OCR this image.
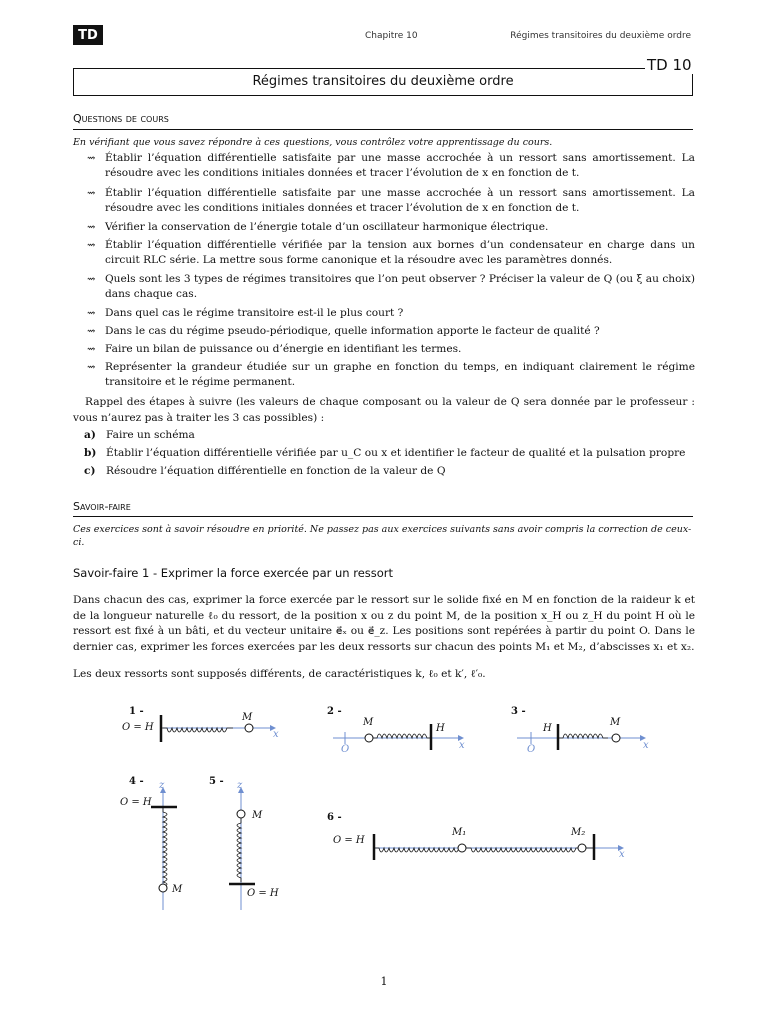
TD	Chapitre 10	Régimes transitoires du deuxième ordre
Régimes transitoires du deuxième ordre
TD 10
Questions de cours
En vérifiant que vous savez répondre à ces questions, vous contrôlez votre apprentissage du cours.
⇝ Établir l’équation différentielle satisfaite par une masse accrochée à un ressort sans amortissement. La résoudre avec les conditions initiales données et tracer l’évolution de x en fonction de t.
⇝ Établir l’équation différentielle satisfaite par une masse accrochée à un ressort sans amortissement. La résoudre avec les conditions initiales données et tracer l’évolution de x en fonction de t.
⇝ Vérifier la conservation de l’énergie totale d’un oscillateur harmonique électrique.
⇝ Établir l’équation différentielle vérifiée par la tension aux bornes d’un condensateur en charge dans un circuit RLC série. La mettre sous forme canonique et la résoudre avec les paramètres donnés.
⇝ Quels sont les 3 types de régimes transitoires que l’on peut observer ? Préciser la valeur de Q (ou ξ au choix) dans chaque cas.
⇝ Dans quel cas le régime transitoire est-il le plus court ?
⇝ Dans le cas du régime pseudo-périodique, quelle information apporte le facteur de qualité ?
⇝ Faire un bilan de puissance ou d’énergie en identifiant les termes.
⇝ Représenter la grandeur étudiée sur un graphe en fonction du temps, en indiquant clairement le régime transitoire et le régime permanent.
Rappel des étapes à suivre (les valeurs de chaque composant ou la valeur de Q sera donnée par le professeur : vous n’aurez pas à traiter les 3 cas possibles) :
a) Faire un schéma
b) Établir l’équation différentielle vérifiée par u_C ou x et identifier le facteur de qualité et la pulsation propre
c) Résoudre l’équation différentielle en fonction de la valeur de Q
Savoir-faire
Ces exercices sont à savoir résoudre en priorité. Ne passez pas aux exercices suivants sans avoir compris la correction de ceux-ci.
Savoir-faire 1 - Exprimer la force exercée par un ressort
Dans chacun des cas, exprimer la force exercée par le ressort sur le solide fixé en M en fonction de la raideur k et de la longueur naturelle ℓ₀ du ressort, de la position x ou z du point M, de la position x_H ou z_H du point H où le ressort est fixé à un bâti, et du vecteur unitaire e⃗ₓ ou e⃗_z. Les positions sont repérées à partir du point O. Dans le dernier cas, exprimer les forces exercées par les deux ressorts sur chacun des points M₁ et M₂, d’abscisses x₁ et x₂.
Les deux ressorts sont supposés différents, de caractéristiques k, ℓ₀ et k′, ℓ′₀.
1 -
O = H
M
x
2 -
O
M
H
x
3 -
O
H
M
x
4 - z
O = H
M
5 - z
M
O = H
6 -
O = H
M₁	M₂
x
1
